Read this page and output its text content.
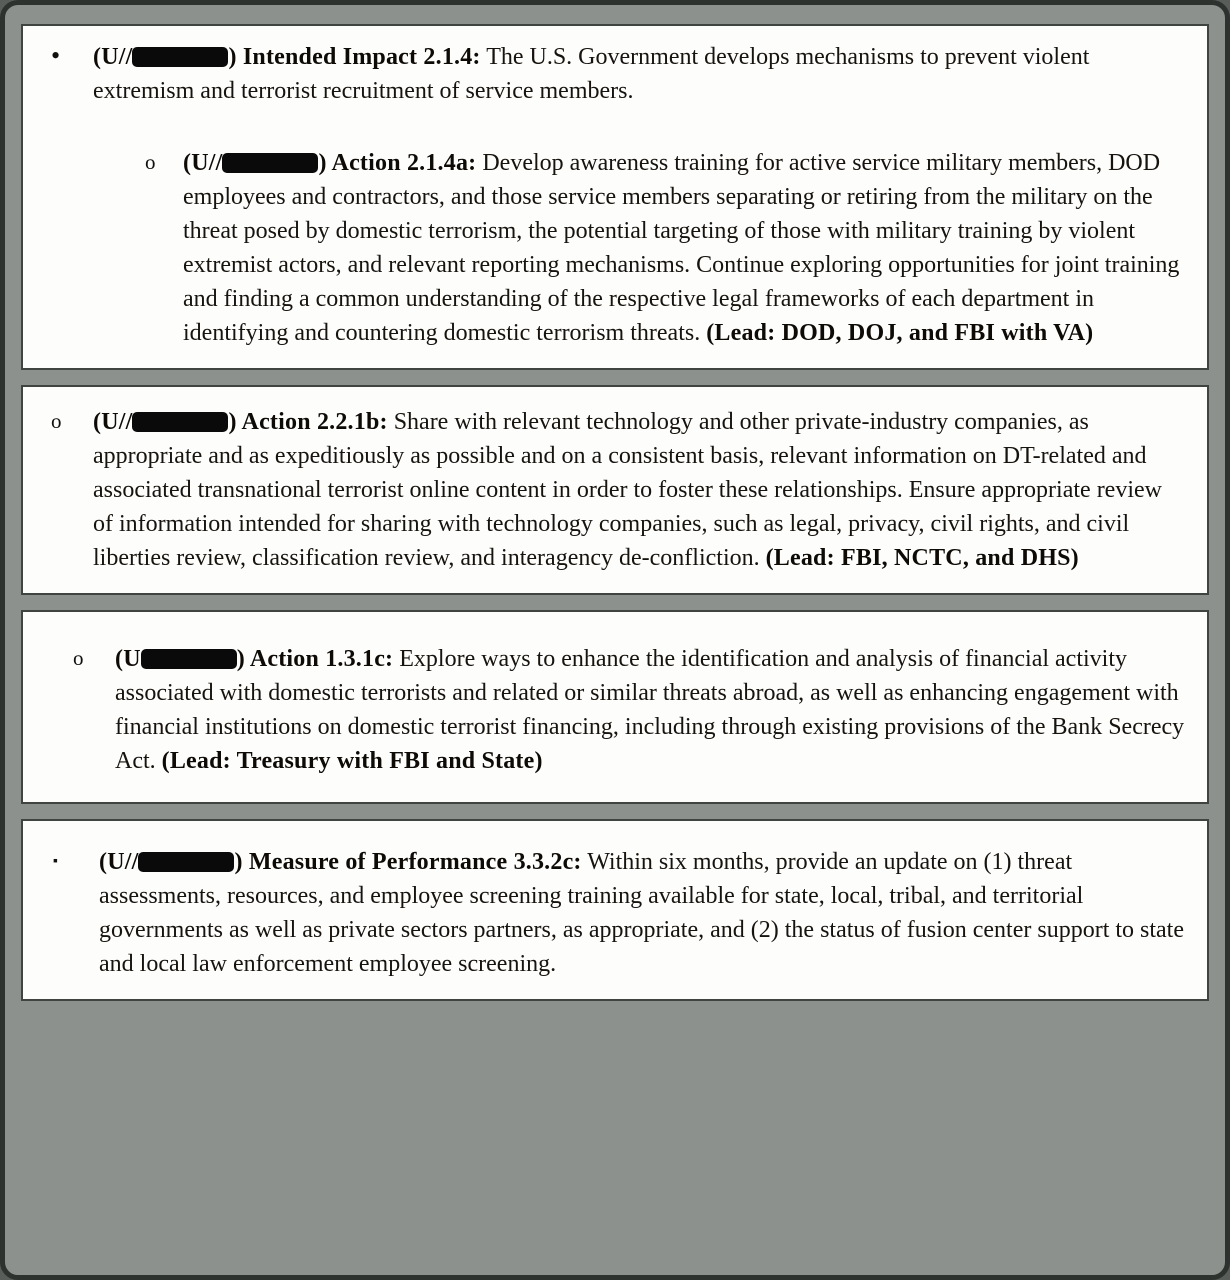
•	(U//	) Intended Impact 2.1.4: The U.S. Government develops mechanisms to prevent violent extremism and terrorist recruitment of service members.

o	(U//	) Action 2.1.4a: Develop awareness training for active service military members, DOD employees and contractors, and those service members separating or retiring from the military on the threat posed by domestic terrorism, the potential targeting of those with military training by violent extremist actors, and relevant reporting mechanisms. Continue exploring opportunities for joint training and finding a common understanding of the respective legal frameworks of each department in identifying and countering domestic terrorism threats. (Lead: DOD, DOJ, and FBI with VA)

o	(U//	) Action 2.2.1b: Share with relevant technology and other private-industry companies, as appropriate and as expeditiously as possible and on a consistent basis, relevant information on DT-related and associated transnational terrorist online content in order to foster these relationships. Ensure appropriate review of information intended for sharing with technology companies, such as legal, privacy, civil rights, and civil liberties review, classification review, and interagency de-confliction. (Lead: FBI, NCTC, and DHS)

o	(U	) Action 1.3.1c: Explore ways to enhance the identification and analysis of financial activity associated with domestic terrorists and related or similar threats abroad, as well as enhancing engagement with financial institutions on domestic terrorist financing, including through existing provisions of the Bank Secrecy Act. (Lead: Treasury with FBI and State)

▪	(U//	) Measure of Performance 3.3.2c: Within six months, provide an update on (1) threat assessments, resources, and employee screening training available for state, local, tribal, and territorial governments as well as private sectors partners, as appropriate, and (2) the status of fusion center support to state and local law enforcement employee screening.
